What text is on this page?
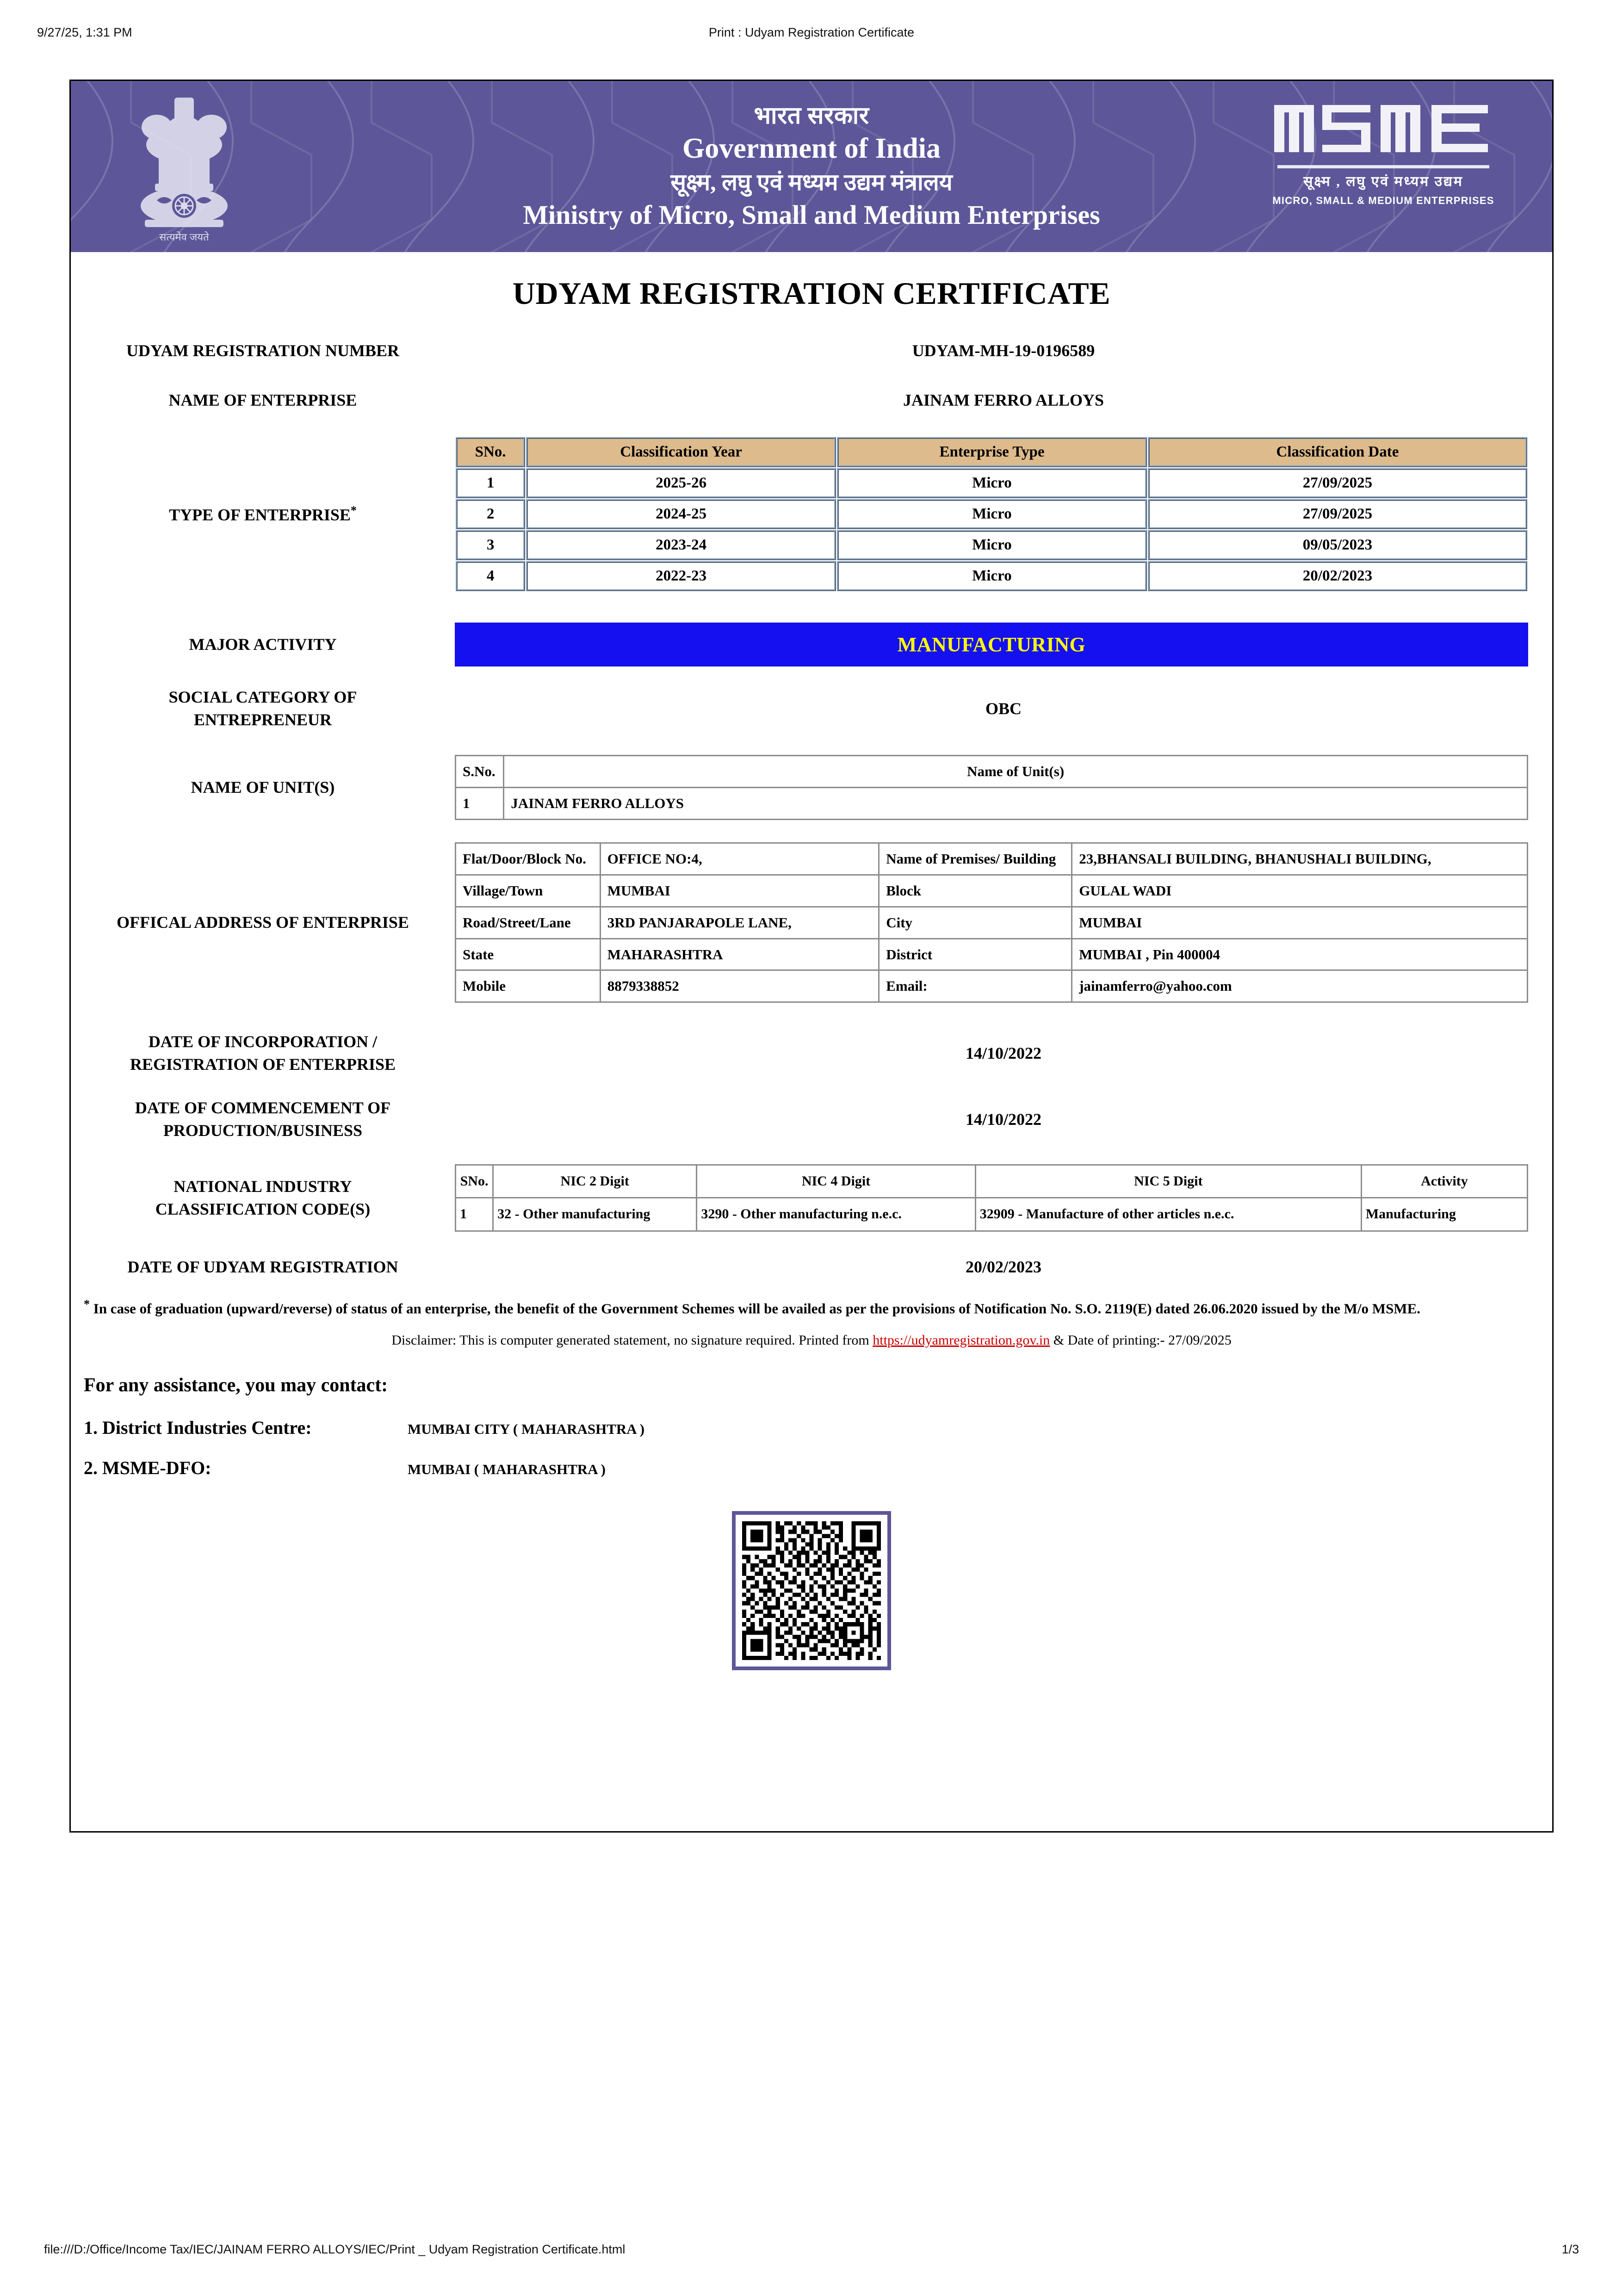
9/27/25, 1:31 PM	Print : Udyam Registration Certificate
सत्यमेव जयते
भारत सरकार
Government of India
सूक्ष्म, लघु एवं मध्यम उद्यम मंत्रालय
Ministry of Micro, Small and Medium Enterprises
सूक्ष्म , लघु एवं मध्यम उद्यम
MICRO, SMALL & MEDIUM ENTERPRISES
UDYAM REGISTRATION CERTIFICATE
UDYAM REGISTRATION NUMBER	UDYAM-MH-19-0196589
NAME OF ENTERPRISE	JAINAM FERRO ALLOYS
TYPE OF ENTERPRISE*
SNo.	Classification Year	Enterprise Type	Classification Date
1	2025-26	Micro	27/09/2025
2	2024-25	Micro	27/09/2025
3	2023-24	Micro	09/05/2023
4	2022-23	Micro	20/02/2023
MAJOR ACTIVITY	MANUFACTURING
SOCIAL CATEGORY OF
ENTREPRENEUR
OBC
NAME OF UNIT(S)
S.No.	Name of Unit(s)
1	JAINAM FERRO ALLOYS
OFFICAL ADDRESS OF ENTERPRISE
Flat/Door/Block No.	OFFICE NO:4,	Name of Premises/ Building	23,BHANSALI BUILDING, BHANUSHALI BUILDING,
Village/Town	MUMBAI	Block	GULAL WADI
Road/Street/Lane	3RD PANJARAPOLE LANE,	City	MUMBAI
State	MAHARASHTRA	District	MUMBAI , Pin 400004
Mobile	8879338852	Email:	jainamferro@yahoo.com
DATE OF INCORPORATION /
REGISTRATION OF ENTERPRISE
14/10/2022
DATE OF COMMENCEMENT OF
PRODUCTION/BUSINESS
14/10/2022
NATIONAL INDUSTRY
CLASSIFICATION CODE(S)
SNo.	NIC 2 Digit	NIC 4 Digit	NIC 5 Digit	Activity
1	32 - Other manufacturing	3290 - Other manufacturing n.e.c.	32909 - Manufacture of other articles n.e.c.	Manufacturing
DATE OF UDYAM REGISTRATION	20/02/2023
* In case of graduation (upward/reverse) of status of an enterprise, the benefit of the Government Schemes will be availed as per the provisions of Notification No. S.O. 2119(E) dated 26.06.2020 issued by the M/o MSME.
Disclaimer: This is computer generated statement, no signature required. Printed from https://udyamregistration.gov.in & Date of printing:- 27/09/2025
For any assistance, you may contact:
1. District Industries Centre:	MUMBAI CITY ( MAHARASHTRA )
2. MSME-DFO:	MUMBAI ( MAHARASHTRA )
file:///D:/Office/Income Tax/IEC/JAINAM FERRO ALLOYS/IEC/Print _ Udyam Registration Certificate.html	1/3
